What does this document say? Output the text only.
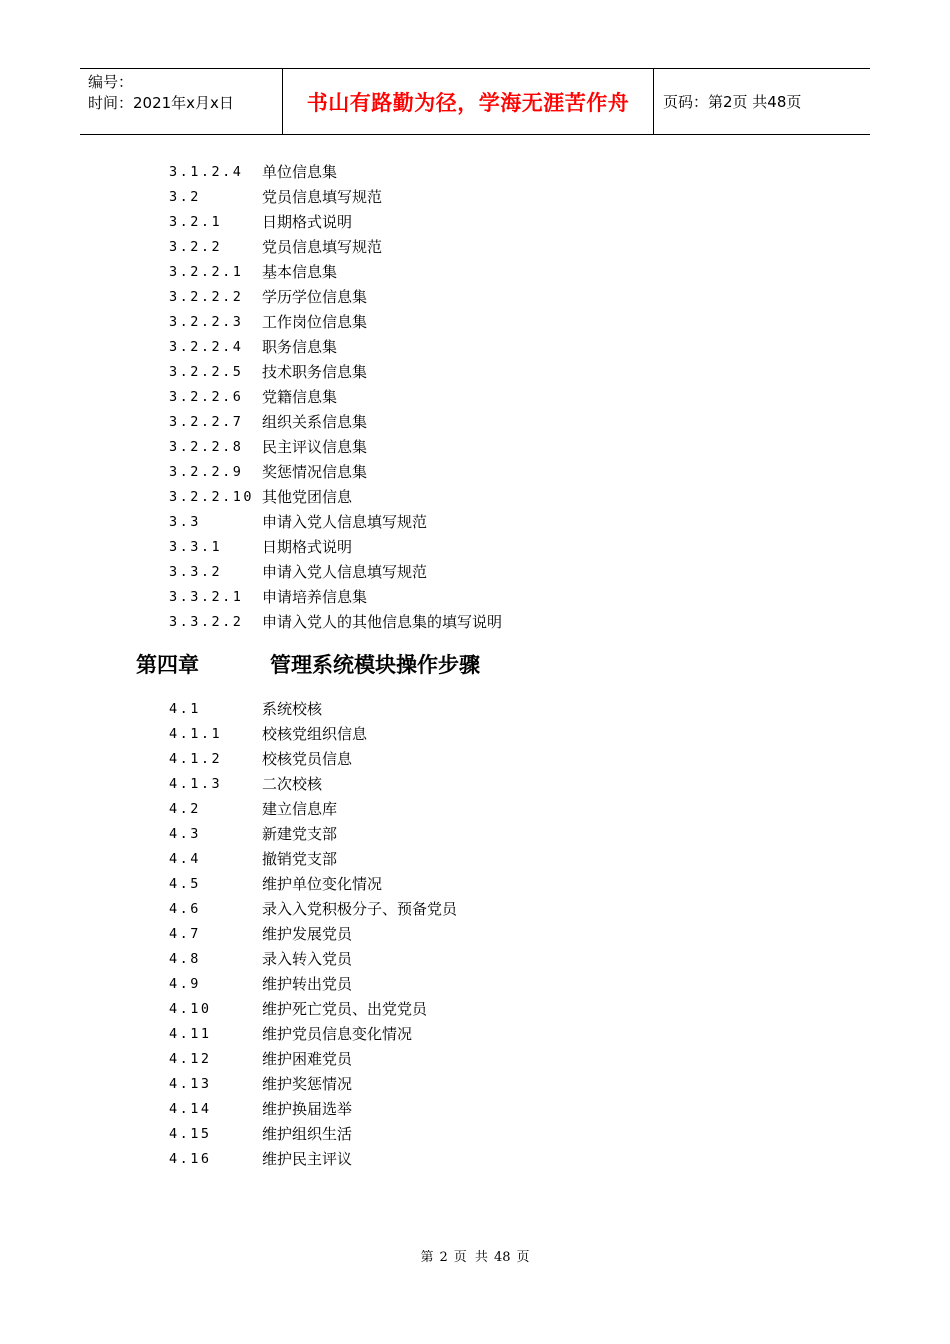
编号：
时间：2021年x月x日	书山有路勤为径，学海无涯苦作舟	页码：第2页 共48页
3.1.2.4 单位信息集
3.2	党员信息填写规范
3.2.1	日期格式说明
3.2.2	党员信息填写规范
3.2.2.1 基本信息集
3.2.2.2 学历学位信息集
3.2.2.3 工作岗位信息集
3.2.2.4 职务信息集
3.2.2.5 技术职务信息集
3.2.2.6 党籍信息集
3.2.2.7 组织关系信息集
3.2.2.8 民主评议信息集
3.2.2.9 奖惩情况信息集
3.2.2.10 其他党团信息
3.3	申请入党人信息填写规范
3.3.1	日期格式说明
3.3.2	申请入党人信息填写规范
3.3.2.1 申请培养信息集
3.3.2.2 申请入党人的其他信息集的填写说明
第四章	管理系统模块操作步骤
4.1	系统校核
4.1.1	校核党组织信息
4.1.2	校核党员信息
4.1.3	二次校核
4.2	建立信息库
4.3	新建党支部
4.4	撤销党支部
4.5	维护单位变化情况
4.6	录入入党积极分子、预备党员
4.7	维护发展党员
4.8	录入转入党员
4.9	维护转出党员
4.10	维护死亡党员、出党党员
4.11	维护党员信息变化情况
4.12	维护困难党员
4.13	维护奖惩情况
4.14	维护换届选举
4.15	维护组织生活
4.16	维护民主评议
第 2 页 共 48 页
